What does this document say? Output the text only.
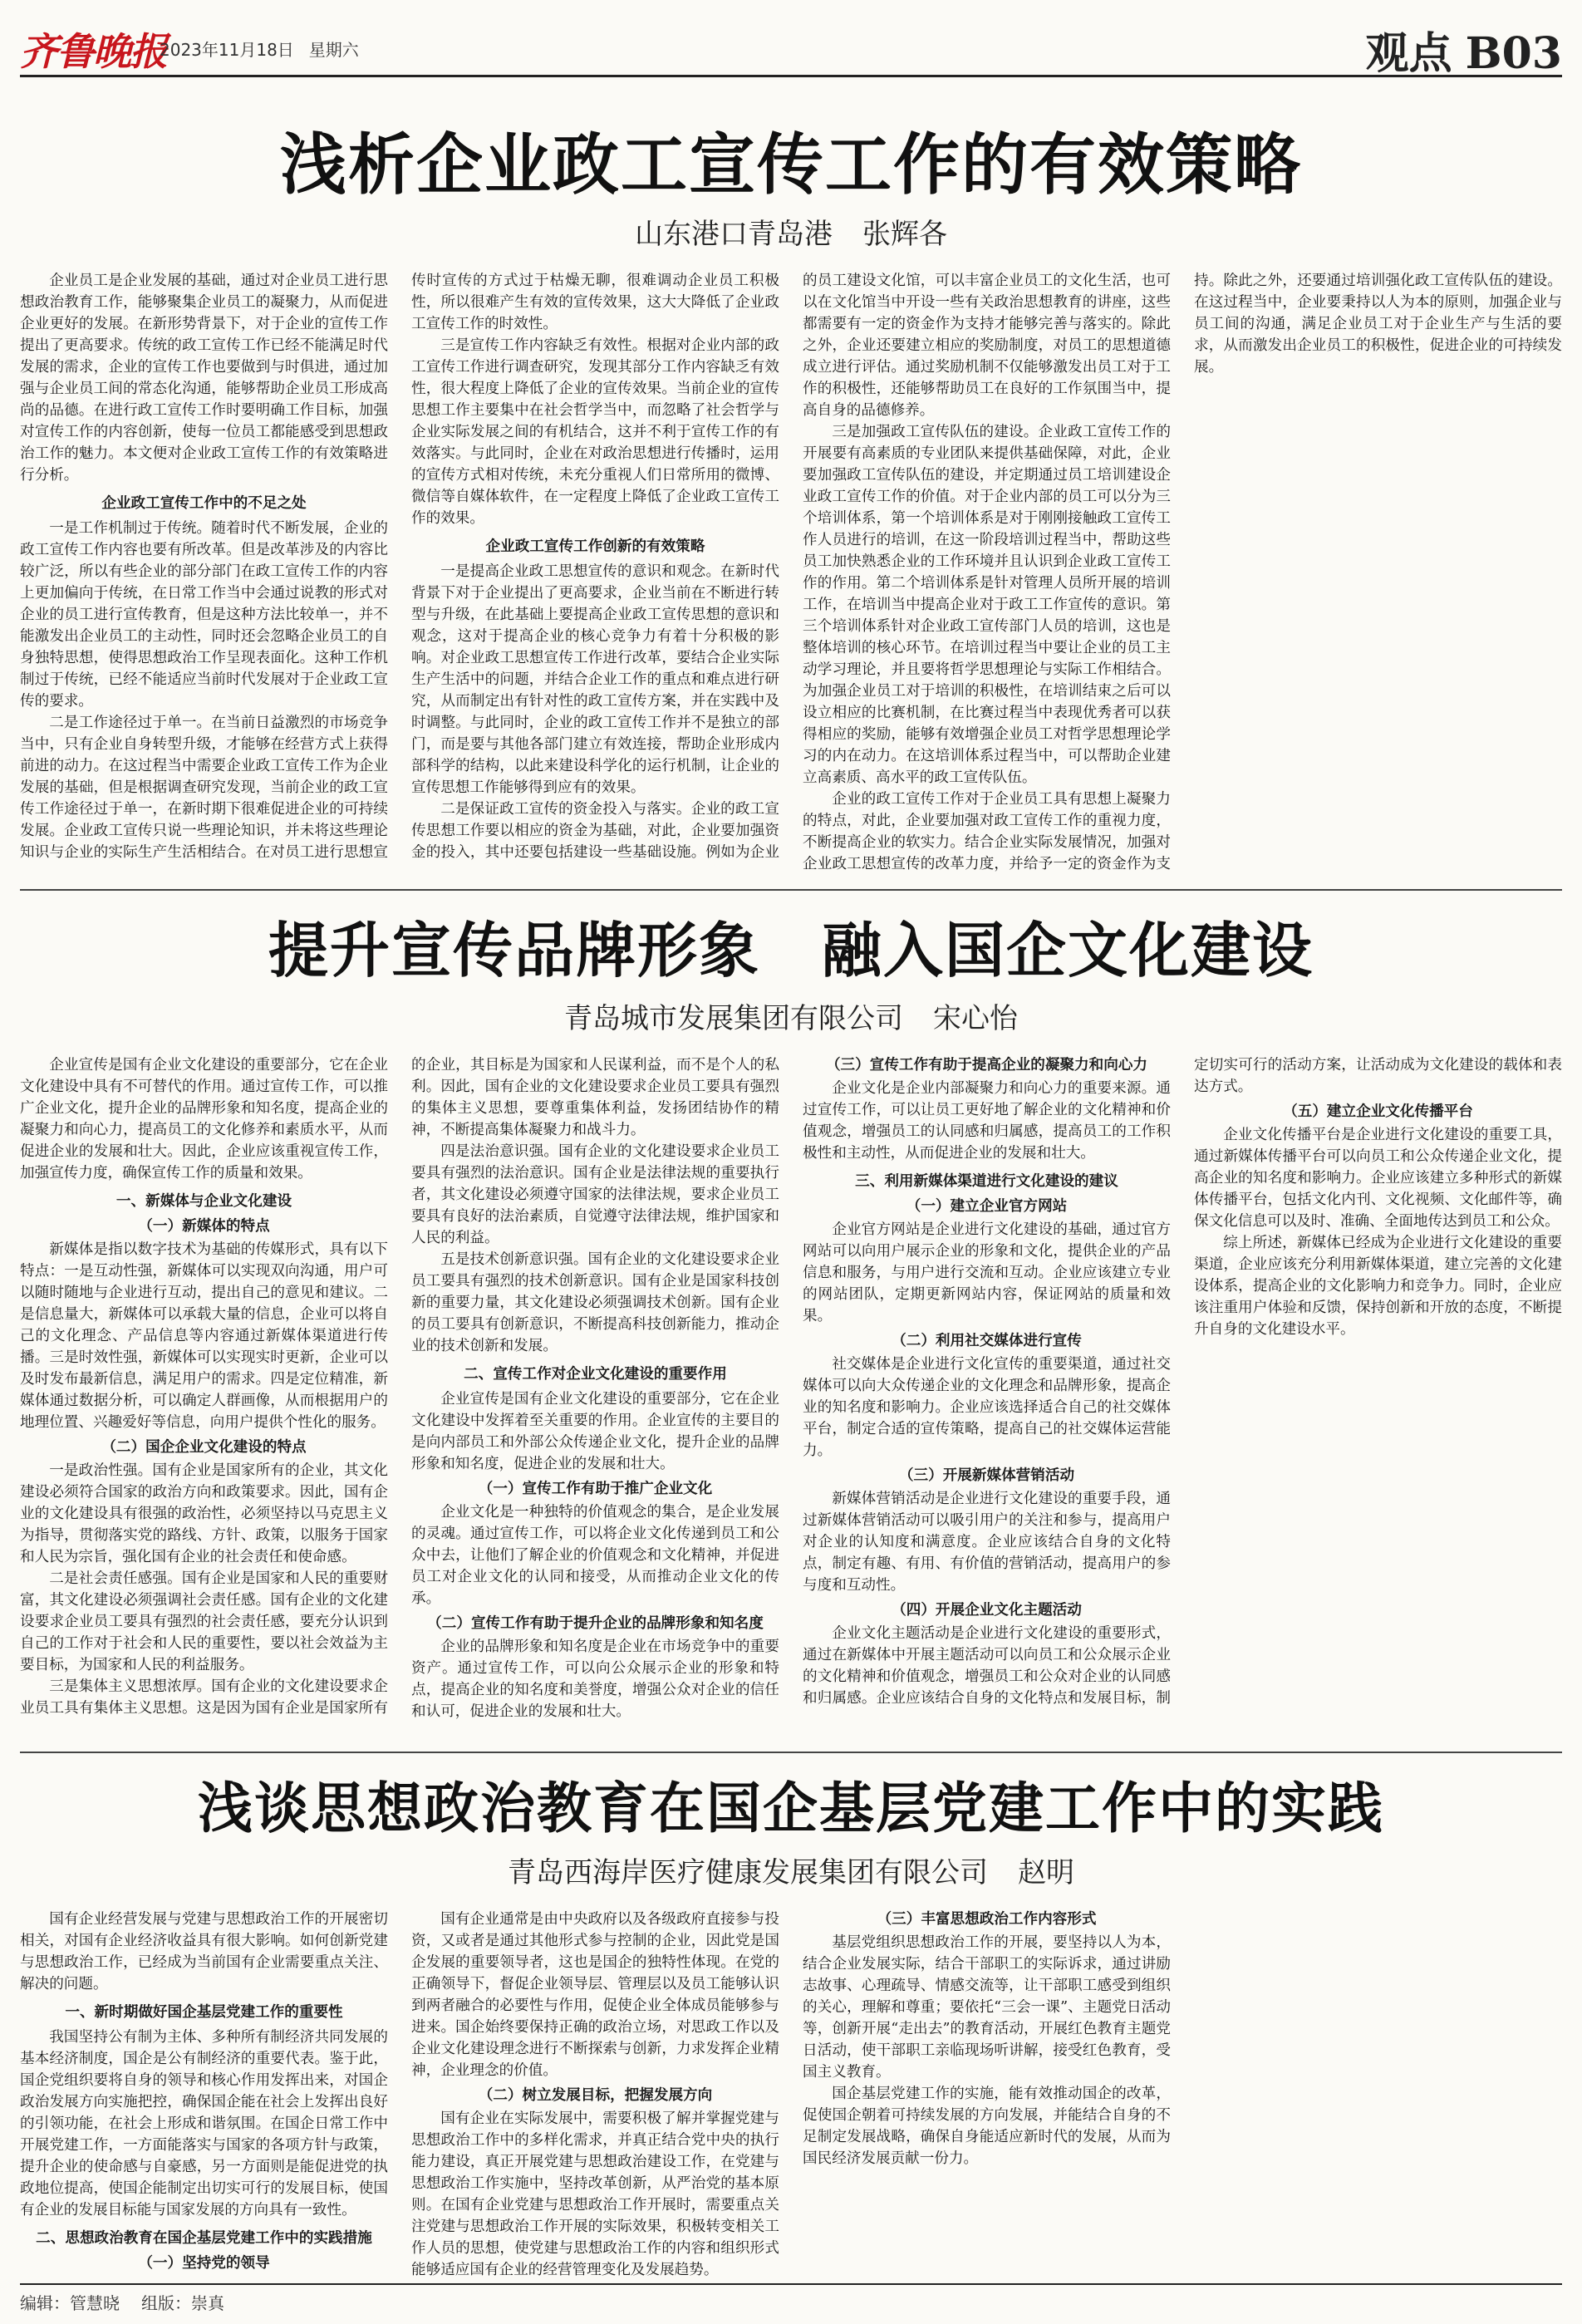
齐鲁晚报
2023年11月18日 星期六	观点 B03
浅析企业政工宣传工作的有效策略
山东港口青岛港 张辉各

企业员工是企业发展的基础，通过对企业员工进行思想政治教育工作，能够聚集企业员工的凝聚力，从而促进企业更好的发展。在新形势背景下，对于企业的宣传工作提出了更高要求。传统的政工宣传工作已经不能满足时代发展的需求，企业的宣传工作也要做到与时俱进，通过加强与企业员工间的常态化沟通，能够帮助企业员工形成高尚的品德。在进行政工宣传工作时要明确工作目标，加强对宣传工作的内容创新，使每一位员工都能感受到思想政治工作的魅力。本文便对企业政工宣传工作的有效策略进行分析。

企业政工宣传工作中的不足之处

一是工作机制过于传统。随着时代不断发展，企业的政工宣传工作内容也要有所改革。但是改革涉及的内容比较广泛，所以有些企业的部分部门在政工宣传工作的内容上更加偏向于传统，在日常工作当中会通过说教的形式对企业的员工进行宣传教育，但是这种方法比较单一，并不能激发出企业员工的主动性，同时还会忽略企业员工的自身独特思想，使得思想政治工作呈现表面化。这种工作机制过于传统，已经不能适应当前时代发展对于企业政工宣传的要求。

二是工作途径过于单一。在当前日益激烈的市场竞争当中，只有企业自身转型升级，才能够在经营方式上获得前进的动力。在这过程当中需要企业政工宣传工作为企业发展的基础，但是根据调查研究发现，当前企业的政工宣传工作途径过于单一，在新时期下很难促进企业的可持续发展。企业政工宣传只说一些理论知识，并未将这些理论知识与企业的实际生产生活相结合。在对员工进行思想宣传时宣传的方式过于枯燥无聊，很难调动企业员工积极性，所以很难产生有效的宣传效果，这大大降低了企业政工宣传工作的时效性。

三是宣传工作内容缺乏有效性。根据对企业内部的政工宣传工作进行调查研究，发现其部分工作内容缺乏有效性，很大程度上降低了企业的宣传效果。当前企业的宣传思想工作主要集中在社会哲学当中，而忽略了社会哲学与企业实际发展之间的有机结合，这并不利于宣传工作的有效落实。与此同时，企业在对政治思想进行传播时，运用的宣传方式相对传统，未充分重视人们日常所用的微博、微信等自媒体软件，在一定程度上降低了企业政工宣传工作的效果。

企业政工宣传工作创新的有效策略

一是提高企业政工思想宣传的意识和观念。在新时代背景下对于企业提出了更高要求，企业当前在不断进行转型与升级，在此基础上要提高企业政工宣传思想的意识和观念，这对于提高企业的核心竞争力有着十分积极的影响。对企业政工思想宣传工作进行改革，要结合企业实际生产生活中的问题，并结合企业工作的重点和难点进行研究，从而制定出有针对性的政工宣传方案，并在实践中及时调整。与此同时，企业的政工宣传工作并不是独立的部门，而是要与其他各部门建立有效连接，帮助企业形成内部科学的结构，以此来建设科学化的运行机制，让企业的宣传思想工作能够得到应有的效果。

二是保证政工宣传的资金投入与落实。企业的政工宣传思想工作要以相应的资金为基础，对此，企业要加强资金的投入，其中还要包括建设一些基础设施。例如为企业的员工建设文化馆，可以丰富企业员工的文化生活，也可以在文化馆当中开设一些有关政治思想教育的讲座，这些都需要有一定的资金作为支持才能够完善与落实的。除此之外，企业还要建立相应的奖励制度，对员工的思想道德成立进行评估。通过奖励机制不仅能够激发出员工对于工作的积极性，还能够帮助员工在良好的工作氛围当中，提高自身的品德修养。

三是加强政工宣传队伍的建设。企业政工宣传工作的开展要有高素质的专业团队来提供基础保障，对此，企业要加强政工宣传队伍的建设，并定期通过员工培训建设企业政工宣传工作的价值。对于企业内部的员工可以分为三个培训体系，第一个培训体系是对于刚刚接触政工宣传工作人员进行的培训，在这一阶段培训过程当中，帮助这些员工加快熟悉企业的工作环境并且认识到企业政工宣传工作的作用。第二个培训体系是针对管理人员所开展的培训工作，在培训当中提高企业对于政工工作宣传的意识。第三个培训体系针对企业政工宣传部门人员的培训，这也是整体培训的核心环节。在培训过程当中要让企业的员工主动学习理论，并且要将哲学思想理论与实际工作相结合。为加强企业员工对于培训的积极性，在培训结束之后可以设立相应的比赛机制，在比赛过程当中表现优秀者可以获得相应的奖励，能够有效增强企业员工对哲学思想理论学习的内在动力。在这培训体系过程当中，可以帮助企业建立高素质、高水平的政工宣传队伍。

企业的政工宣传工作对于企业员工具有思想上凝聚力的特点，对此，企业要加强对政工宣传工作的重视力度，不断提高企业的软实力。结合企业实际发展情况，加强对企业政工思想宣传的改革力度，并给予一定的资金作为支持。除此之外，还要通过培训强化政工宣传队伍的建设。在这过程当中，企业要秉持以人为本的原则，加强企业与员工间的沟通，满足企业员工对于企业生产与生活的要求，从而激发出企业员工的积极性，促进企业的可持续发展。

提升宣传品牌形象　融入国企文化建设
青岛城市发展集团有限公司 宋心怡

企业宣传是国有企业文化建设的重要部分，它在企业文化建设中具有不可替代的作用。通过宣传工作，可以推广企业文化，提升企业的品牌形象和知名度，提高企业的凝聚力和向心力，提高员工的文化修养和素质水平，从而促进企业的发展和壮大。因此，企业应该重视宣传工作，加强宣传力度，确保宣传工作的质量和效果。

一、新媒体与企业文化建设
（一）新媒体的特点

新媒体是指以数字技术为基础的传媒形式，具有以下特点：一是互动性强，新媒体可以实现双向沟通，用户可以随时随地与企业进行互动，提出自己的意见和建议。二是信息量大，新媒体可以承载大量的信息，企业可以将自己的文化理念、产品信息等内容通过新媒体渠道进行传播。三是时效性强，新媒体可以实现实时更新，企业可以及时发布最新信息，满足用户的需求。四是定位精准，新媒体通过数据分析，可以确定人群画像，从而根据用户的地理位置、兴趣爱好等信息，向用户提供个性化的服务。

（二）国企企业文化建设的特点

一是政治性强。国有企业是国家所有的企业，其文化建设必须符合国家的政治方向和政策要求。因此，国有企业的文化建设具有很强的政治性，必须坚持以马克思主义为指导，贯彻落实党的路线、方针、政策，以服务于国家和人民为宗旨，强化国有企业的社会责任和使命感。

二是社会责任感强。国有企业是国家和人民的重要财富，其文化建设必须强调社会责任感。国有企业的文化建设要求企业员工要具有强烈的社会责任感，要充分认识到自己的工作对于社会和人民的重要性，要以社会效益为主要目标，为国家和人民的利益服务。

三是集体主义思想浓厚。国有企业的文化建设要求企业员工具有集体主义思想。这是因为国有企业是国家所有的企业，其目标是为国家和人民谋利益，而不是个人的私利。因此，国有企业的文化建设要求企业员工要具有强烈的集体主义思想，要尊重集体利益，发扬团结协作的精神，不断提高集体凝聚力和战斗力。

四是法治意识强。国有企业的文化建设要求企业员工要具有强烈的法治意识。国有企业是法律法规的重要执行者，其文化建设必须遵守国家的法律法规，要求企业员工要具有良好的法治素质，自觉遵守法律法规，维护国家和人民的利益。

五是技术创新意识强。国有企业的文化建设要求企业员工要具有强烈的技术创新意识。国有企业是国家科技创新的重要力量，其文化建设必须强调技术创新。国有企业的员工要具有创新意识，不断提高科技创新能力，推动企业的技术创新和发展。

二、宣传工作对企业文化建设的重要作用

企业宣传是国有企业文化建设的重要部分，它在企业文化建设中发挥着至关重要的作用。企业宣传的主要目的是向内部员工和外部公众传递企业文化，提升企业的品牌形象和知名度，促进企业的发展和壮大。

（一）宣传工作有助于推广企业文化

企业文化是一种独特的价值观念的集合，是企业发展的灵魂。通过宣传工作，可以将企业文化传递到员工和公众中去，让他们了解企业的价值观念和文化精神，并促进员工对企业文化的认同和接受，从而推动企业文化的传承。

（二）宣传工作有助于提升企业的品牌形象和知名度

企业的品牌形象和知名度是企业在市场竞争中的重要资产。通过宣传工作，可以向公众展示企业的形象和特点，提高企业的知名度和美誉度，增强公众对企业的信任和认可，促进企业的发展和壮大。

（三）宣传工作有助于提高企业的凝聚力和向心力

企业文化是企业内部凝聚力和向心力的重要来源。通过宣传工作，可以让员工更好地了解企业的文化精神和价值观念，增强员工的认同感和归属感，提高员工的工作积极性和主动性，从而促进企业的发展和壮大。

三、利用新媒体渠道进行文化建设的建议
（一）建立企业官方网站

企业官方网站是企业进行文化建设的基础，通过官方网站可以向用户展示企业的形象和文化，提供企业的产品信息和服务，与用户进行交流和互动。企业应该建立专业的网站团队，定期更新网站内容，保证网站的质量和效果。

（二）利用社交媒体进行宣传

社交媒体是企业进行文化宣传的重要渠道，通过社交媒体可以向大众传递企业的文化理念和品牌形象，提高企业的知名度和影响力。企业应该选择适合自己的社交媒体平台，制定合适的宣传策略，提高自己的社交媒体运营能力。

（三）开展新媒体营销活动

新媒体营销活动是企业进行文化建设的重要手段，通过新媒体营销活动可以吸引用户的关注和参与，提高用户对企业的认知度和满意度。企业应该结合自身的文化特点，制定有趣、有用、有价值的营销活动，提高用户的参与度和互动性。

（四）开展企业文化主题活动

企业文化主题活动是企业进行文化建设的重要形式，通过在新媒体中开展主题活动可以向员工和公众展示企业的文化精神和价值观念，增强员工和公众对企业的认同感和归属感。企业应该结合自身的文化特点和发展目标，制定切实可行的活动方案，让活动成为文化建设的载体和表达方式。

（五）建立企业文化传播平台

企业文化传播平台是企业进行文化建设的重要工具，通过新媒体传播平台可以向员工和公众传递企业文化，提高企业的知名度和影响力。企业应该建立多种形式的新媒体传播平台，包括文化内刊、文化视频、文化邮件等，确保文化信息可以及时、准确、全面地传达到员工和公众。

综上所述，新媒体已经成为企业进行文化建设的重要渠道，企业应该充分利用新媒体渠道，建立完善的文化建设体系，提高企业的文化影响力和竞争力。同时，企业应该注重用户体验和反馈，保持创新和开放的态度，不断提升自身的文化建设水平。

浅谈思想政治教育在国企基层党建工作中的实践
青岛西海岸医疗健康发展集团有限公司 赵明

国有企业经营发展与党建与思想政治工作的开展密切相关，对国有企业经济收益具有很大影响。如何创新党建与思想政治工作，已经成为当前国有企业需要重点关注、解决的问题。

一、新时期做好国企基层党建工作的重要性

我国坚持公有制为主体、多种所有制经济共同发展的基本经济制度，国企是公有制经济的重要代表。鉴于此，国企党组织要将自身的领导和核心作用发挥出来，对国企政治发展方向实施把控，确保国企能在社会上发挥出良好的引领功能，在社会上形成和谐氛围。在国企日常工作中开展党建工作，一方面能落实与国家的各项方针与政策，提升企业的使命感与自豪感，另一方面则是能促进党的执政地位提高，使国企能制定出切实可行的发展目标，使国有企业的发展目标能与国家发展的方向具有一致性。

二、思想政治教育在国企基层党建工作中的实践措施
（一）坚持党的领导

国有企业通常是由中央政府以及各级政府直接参与投资，又或者是通过其他形式参与控制的企业，因此党是国企发展的重要领导者，这也是国企的独特性体现。在党的正确领导下，督促企业领导层、管理层以及员工能够认识到两者融合的必要性与作用，促使企业全体成员能够参与进来。国企始终要保持正确的政治立场，对思政工作以及企业文化建设理念进行不断探索与创新，力求发挥企业精神，企业理念的价值。

（二）树立发展目标，把握发展方向

国有企业在实际发展中，需要积极了解并掌握党建与思想政治工作中的多样化需求，并真正结合党中央的执行能力建设，真正开展党建与思想政治建设工作，在党建与思想政治工作实施中，坚持改革创新，从严治党的基本原则。在国有企业党建与思想政治工作开展时，需要重点关注党建与思想政治工作开展的实际效果，积极转变相关工作人员的思想，使党建与思想政治工作的内容和组织形式能够适应国有企业的经营管理变化及发展趋势。

（三）丰富思想政治工作内容形式

基层党组织思想政治工作的开展，要坚持以人为本，结合企业发展实际，结合干部职工的实际诉求，通过讲励志故事、心理疏导、情感交流等，让干部职工感受到组织的关心，理解和尊重；要依托“三会一课”、主题党日活动等，创新开展“走出去”的教育活动，开展红色教育主题党日活动，使干部职工亲临现场听讲解，接受红色教育，受国主义教育。

国企基层党建工作的实施，能有效推动国企的改革，促使国企朝着可持续发展的方向发展，并能结合自身的不足制定发展战略，确保自身能适应新时代的发展，从而为国民经济发展贡献一份力。

编辑：管慧晓 组版：崇真
